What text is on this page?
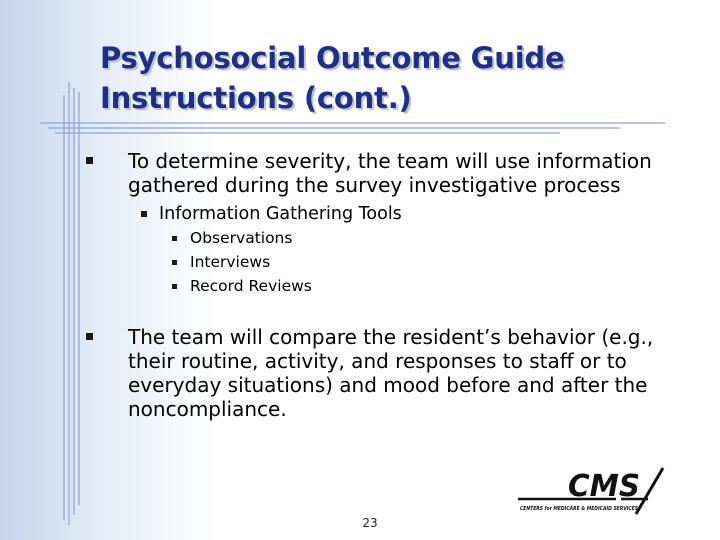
Psychosocial Outcome Guide
Instructions (cont.)
To determine severity, the team will use information
gathered during the survey investigative process
Information Gathering Tools
Observations
Interviews
Record Reviews
The team will compare the resident’s behavior (e.g.,
their routine, activity, and responses to staff or to
everyday situations) and mood before and after the
noncompliance.
CMS
CENTERS for MEDICARE & MEDICAID SERVICES
23
